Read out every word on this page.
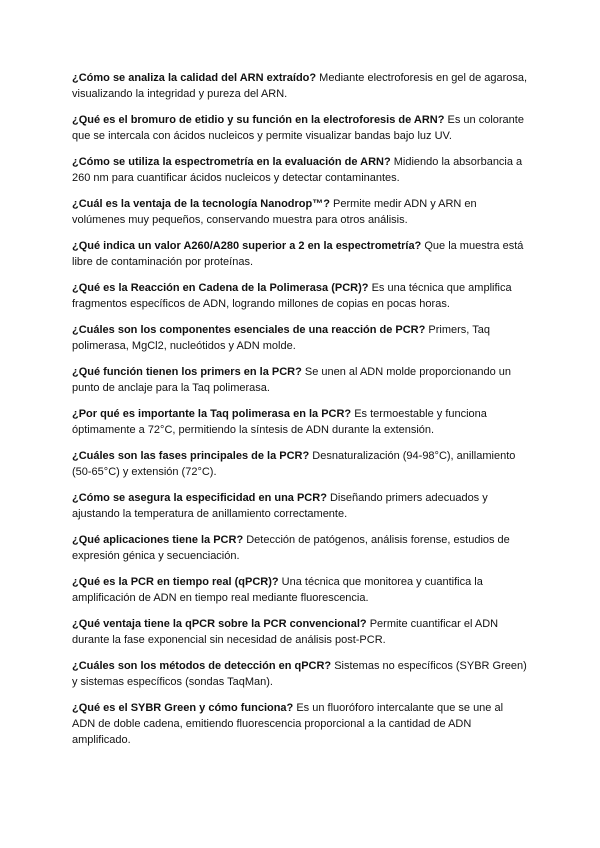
¿Cómo se analiza la calidad del ARN extraído? Mediante electroforesis en gel de agarosa, visualizando la integridad y pureza del ARN.

¿Qué es el bromuro de etidio y su función en la electroforesis de ARN? Es un colorante que se intercala con ácidos nucleicos y permite visualizar bandas bajo luz UV.

¿Cómo se utiliza la espectrometría en la evaluación de ARN? Midiendo la absorbancia a 260 nm para cuantificar ácidos nucleicos y detectar contaminantes.

¿Cuál es la ventaja de la tecnología Nanodrop™? Permite medir ADN y ARN en volúmenes muy pequeños, conservando muestra para otros análisis.

¿Qué indica un valor A260/A280 superior a 2 en la espectrometría? Que la muestra está libre de contaminación por proteínas.

¿Qué es la Reacción en Cadena de la Polimerasa (PCR)? Es una técnica que amplifica fragmentos específicos de ADN, logrando millones de copias en pocas horas.

¿Cuáles son los componentes esenciales de una reacción de PCR? Primers, Taq polimerasa, MgCl2, nucleótidos y ADN molde.

¿Qué función tienen los primers en la PCR? Se unen al ADN molde proporcionando un punto de anclaje para la Taq polimerasa.

¿Por qué es importante la Taq polimerasa en la PCR? Es termoestable y funciona óptimamente a 72°C, permitiendo la síntesis de ADN durante la extensión.

¿Cuáles son las fases principales de la PCR? Desnaturalización (94-98°C), anillamiento (50-65°C) y extensión (72°C).

¿Cómo se asegura la especificidad en una PCR? Diseñando primers adecuados y ajustando la temperatura de anillamiento correctamente.

¿Qué aplicaciones tiene la PCR? Detección de patógenos, análisis forense, estudios de expresión génica y secuenciación.

¿Qué es la PCR en tiempo real (qPCR)? Una técnica que monitorea y cuantifica la amplificación de ADN en tiempo real mediante fluorescencia.

¿Qué ventaja tiene la qPCR sobre la PCR convencional? Permite cuantificar el ADN durante la fase exponencial sin necesidad de análisis post-PCR.

¿Cuáles son los métodos de detección en qPCR? Sistemas no específicos (SYBR Green) y sistemas específicos (sondas TaqMan).

¿Qué es el SYBR Green y cómo funciona? Es un fluoróforo intercalante que se une al ADN de doble cadena, emitiendo fluorescencia proporcional a la cantidad de ADN amplificado.
